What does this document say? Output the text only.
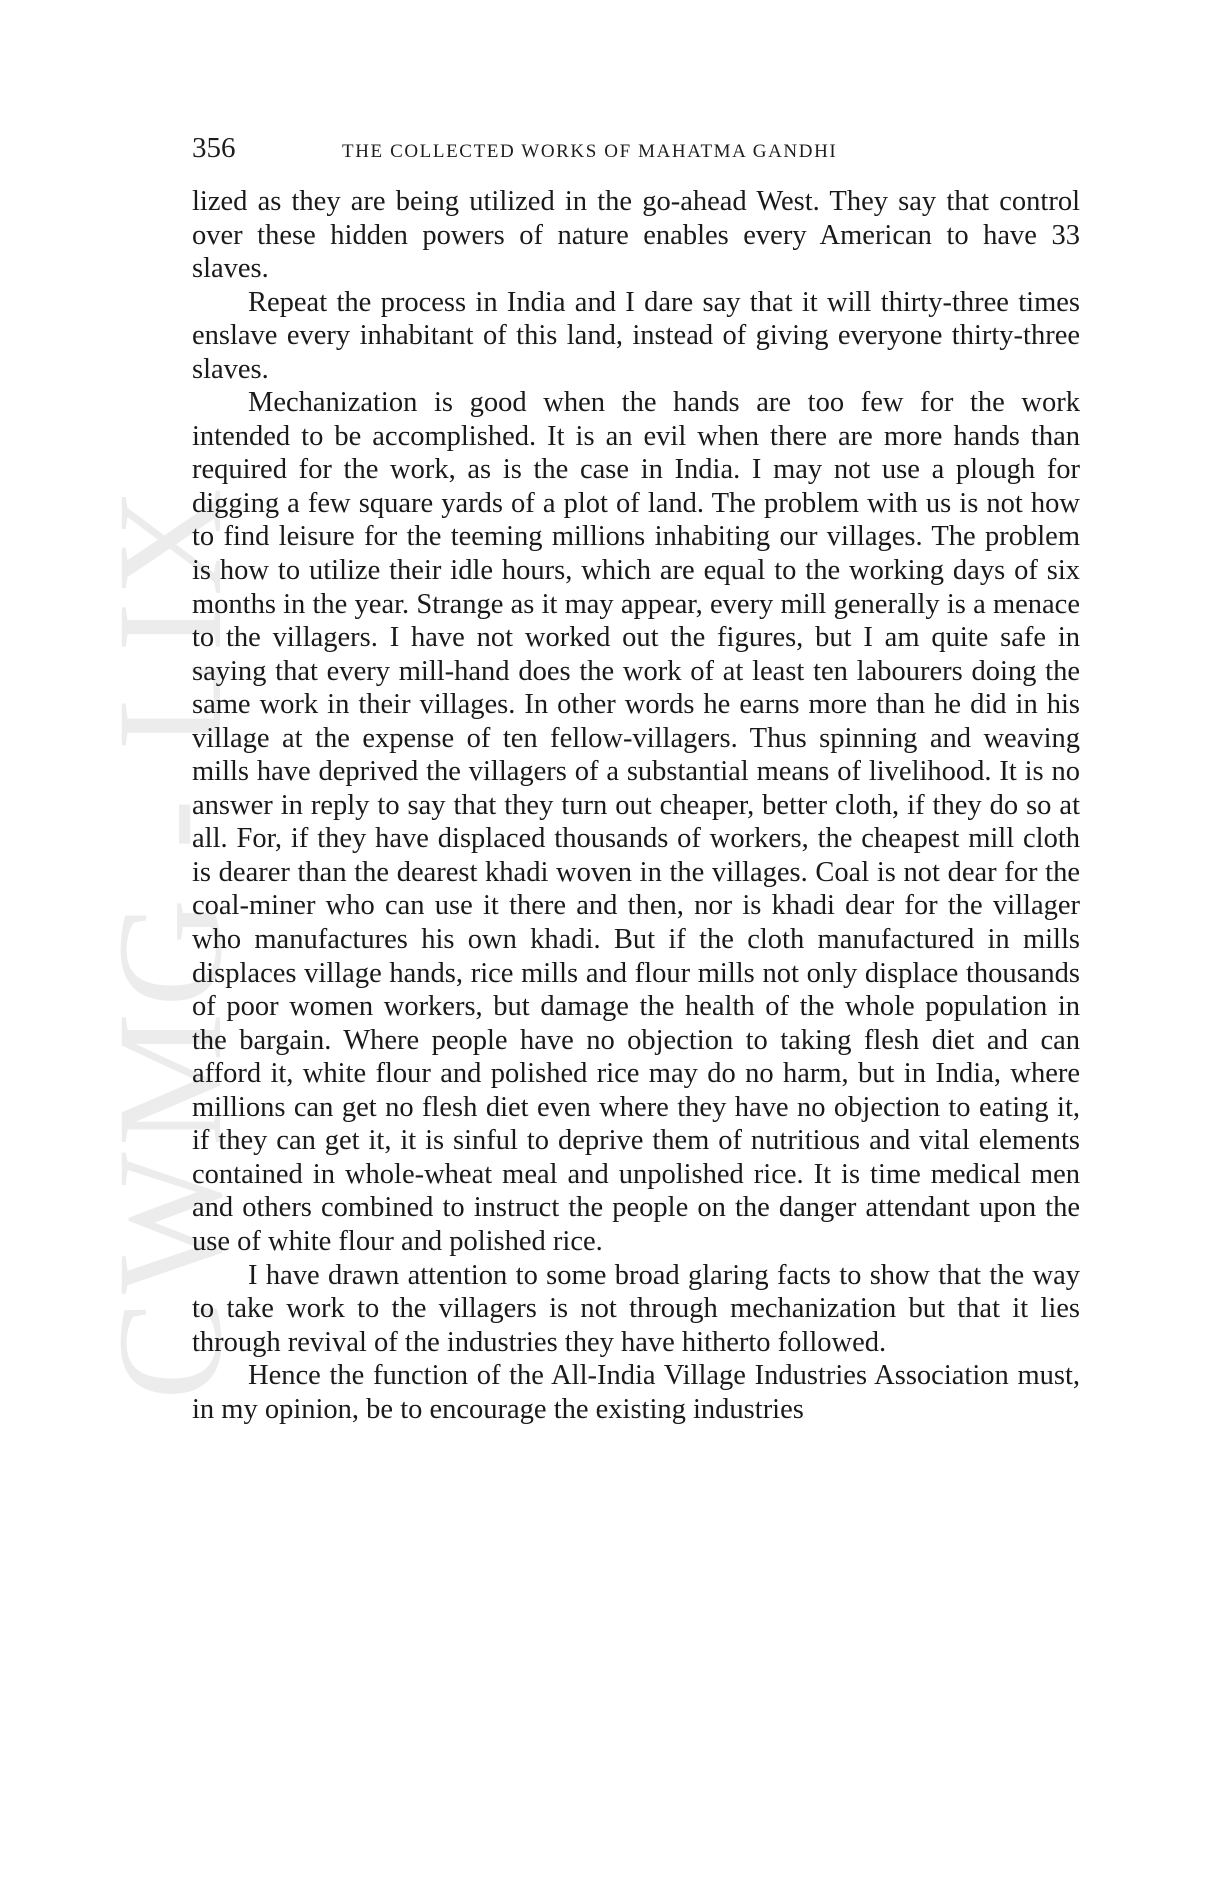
CWMG - LIX
356	THE COLLECTED WORKS OF MAHATMA GANDHI

lized as they are being utilized in the go-ahead West. They say that control over these hidden powers of nature enables every American to have 33 slaves.

Repeat the process in India and I dare say that it will thirty-three times enslave every inhabitant of this land, instead of giving everyone thirty-three slaves.

Mechanization is good when the hands are too few for the work intended to be accomplished. It is an evil when there are more hands than required for the work, as is the case in India. I may not use a plough for digging a few square yards of a plot of land. The problem with us is not how to find leisure for the teeming millions inhabiting our villages. The problem is how to utilize their idle hours, which are equal to the working days of six months in the year. Strange as it may appear, every mill generally is a menace to the villagers. I have not worked out the figures, but I am quite safe in saying that every mill-hand does the work of at least ten labourers doing the same work in their villages. In other words he earns more than he did in his village at the expense of ten fellow-villagers. Thus spinning and weaving mills have deprived the villagers of a substantial means of livelihood. It is no answer in reply to say that they turn out cheaper, better cloth, if they do so at all. For, if they have displaced thousands of workers, the cheapest mill cloth is dearer than the dearest khadi woven in the villages. Coal is not dear for the coal-miner who can use it there and then, nor is khadi dear for the villager who manufactures his own khadi. But if the cloth manufactured in mills displaces village hands, rice mills and flour mills not only displace thousands of poor women workers, but damage the health of the whole population in the bargain. Where people have no objection to taking flesh diet and can afford it, white flour and polished rice may do no harm, but in India, where millions can get no flesh diet even where they have no objection to eating it, if they can get it, it is sinful to deprive them of nutritious and vital elements contained in whole-wheat meal and unpolished rice. It is time medical men and others combined to instruct the people on the danger attendant upon the use of white flour and polished rice.

I have drawn attention to some broad glaring facts to show that the way to take work to the villagers is not through mechanization but that it lies through revival of the industries they have hitherto followed.

Hence the function of the All-India Village Industries Association must, in my opinion, be to encourage the existing industries
